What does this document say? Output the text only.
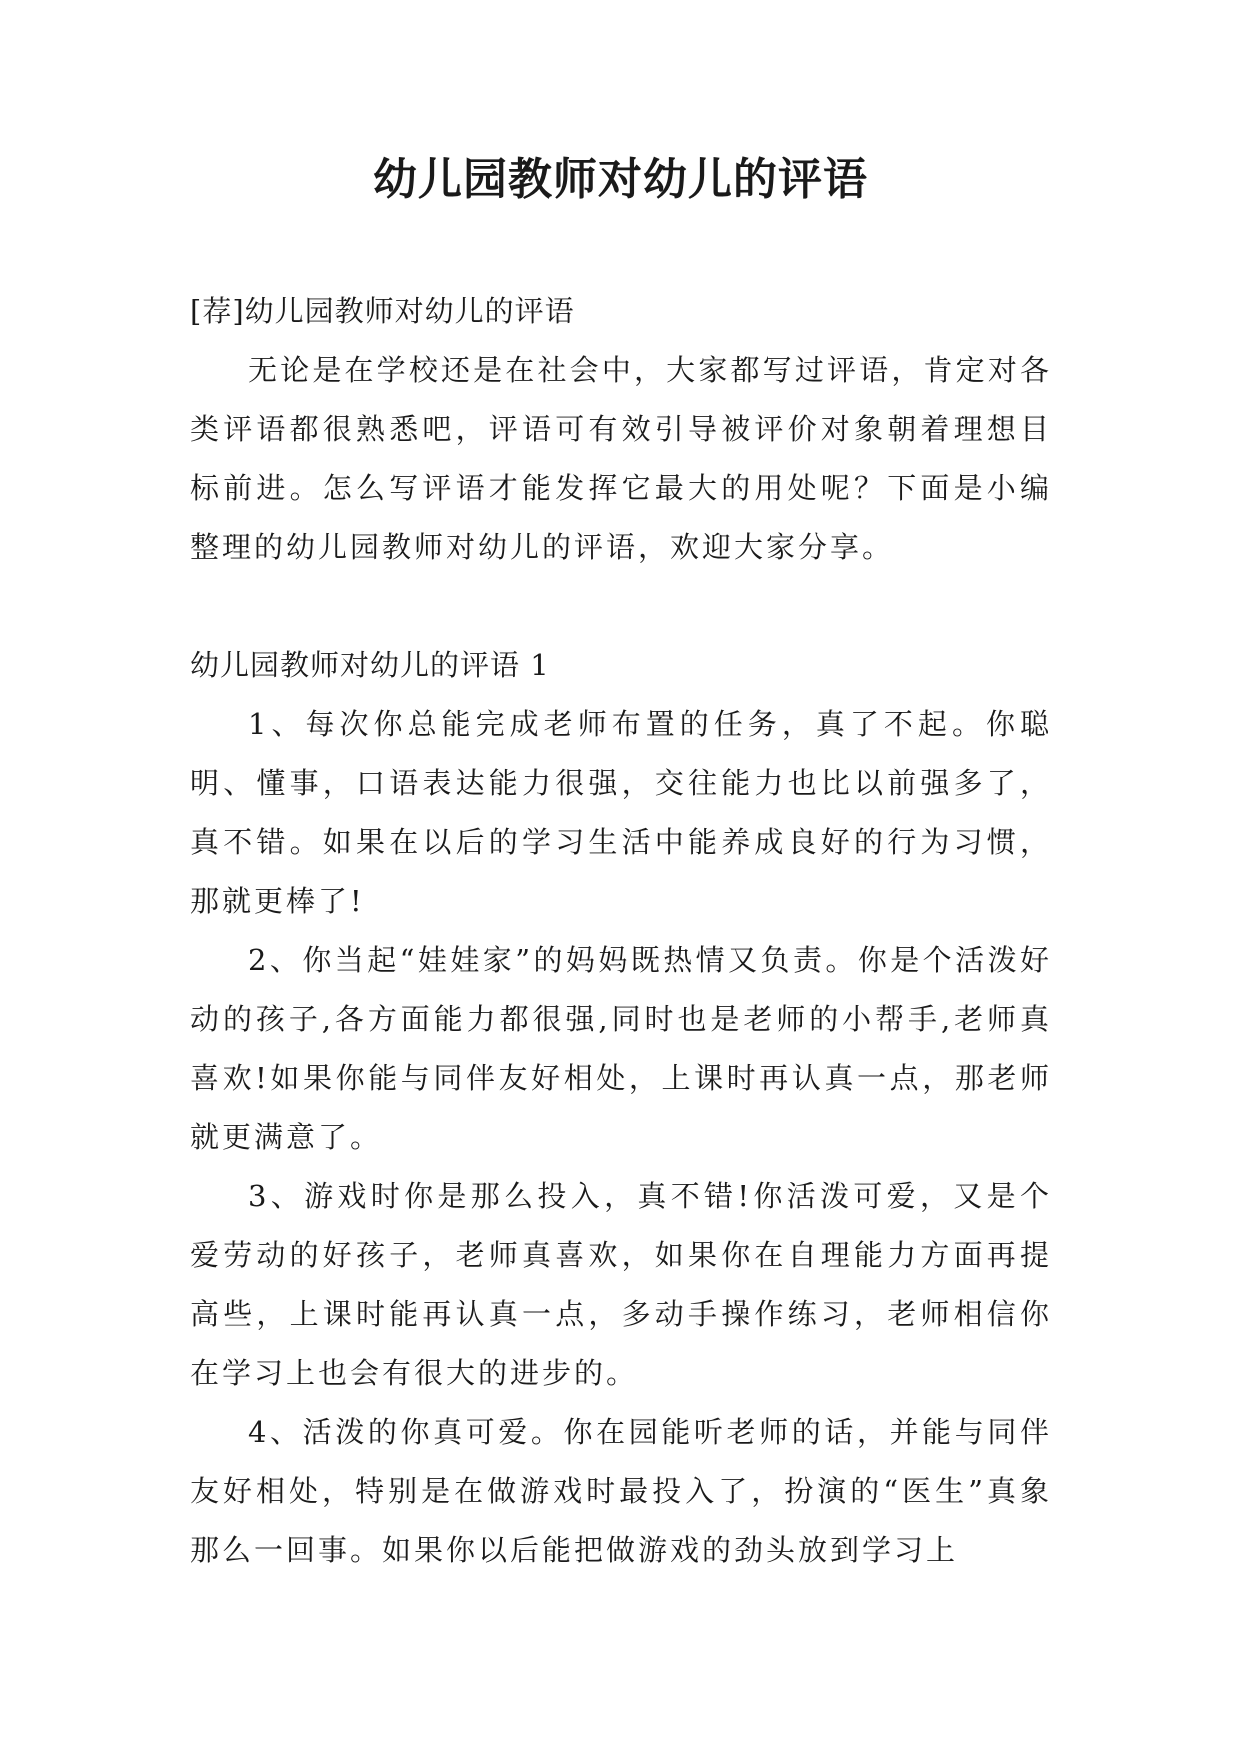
幼儿园教师对幼儿的评语

[荐]幼儿园教师对幼儿的评语

无论是在学校还是在社会中，大家都写过评语，肯定对各类评语都很熟悉吧，评语可有效引导被评价对象朝着理想目标前进。怎么写评语才能发挥它最大的用处呢？下面是小编整理的幼儿园教师对幼儿的评语，欢迎大家分享。

幼儿园教师对幼儿的评语 1

1、每次你总能完成老师布置的任务，真了不起。你聪明、懂事，口语表达能力很强，交往能力也比以前强多了，真不错。如果在以后的学习生活中能养成良好的行为习惯，那就更棒了!

2、你当起“娃娃家”的妈妈既热情又负责。你是个活泼好动的孩子,各方面能力都很强,同时也是老师的小帮手,老师真喜欢!如果你能与同伴友好相处，上课时再认真一点，那老师就更满意了。

3、游戏时你是那么投入，真不错!你活泼可爱，又是个爱劳动的好孩子，老师真喜欢，如果你在自理能力方面再提高些，上课时能再认真一点，多动手操作练习，老师相信你在学习上也会有很大的进步的。

4、活泼的你真可爱。你在园能听老师的话，并能与同伴友好相处，特别是在做游戏时最投入了，扮演的“医生”真象那么一回事。如果你以后能把做游戏的劲头放到学习上
